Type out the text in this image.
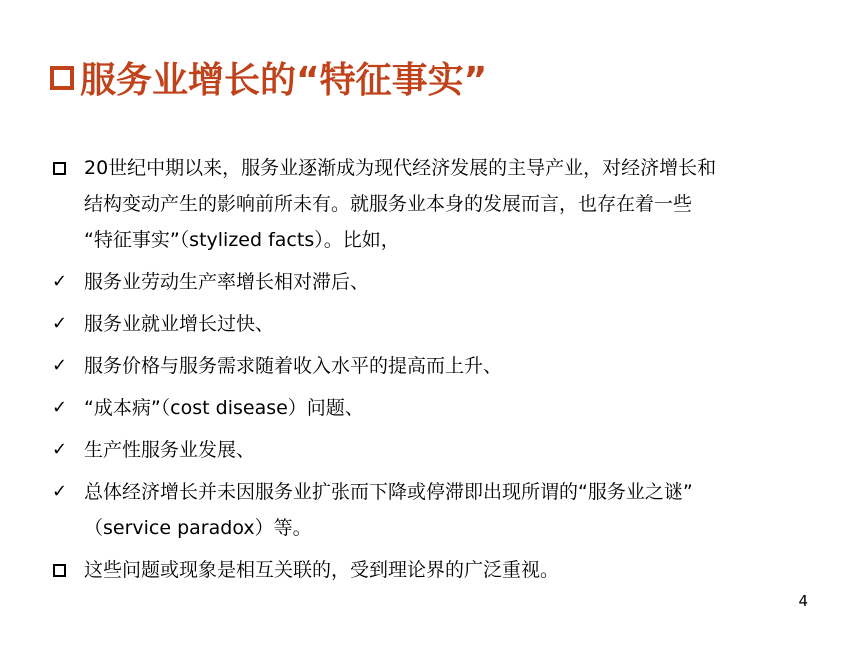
服务业增长的“特征事实”
20世纪中期以来，服务业逐渐成为现代经济发展的主导产业，对经济增长和
结构变动产生的影响前所未有。就服务业本身的发展而言，也存在着一些
“特征事实”（stylized facts）。比如，
✓ 服务业劳动生产率增长相对滞后、
✓ 服务业就业增长过快、
✓ 服务价格与服务需求随着收入水平的提高而上升、
✓ “成本病”（cost disease）问题、
✓ 生产性服务业发展、
✓ 总体经济增长并未因服务业扩张而下降或停滞即出现所谓的“服务业之谜”
（service paradox）等。
这些问题或现象是相互关联的，受到理论界的广泛重视。
4
